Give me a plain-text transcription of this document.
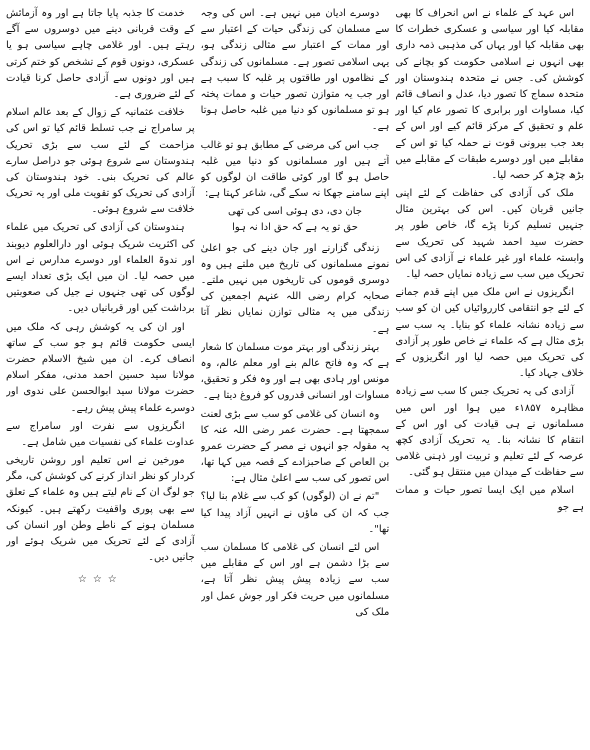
اس عہد کے علماء نے اس انحراف کا بھی مقابلہ کیا اور سیاسی و عسکری خطرات کا بھی مقابلہ کیا اور یہاں کی مذہبی ذمہ داری بھی انہوں نے اسلامی حکومت کو بچانے کی کوشش کی۔ جس نے متحدہ ہندوستان اور متحدہ سماج کا تصور دیا، عدل و انصاف قائم کیا، مساوات اور برابری کا تصور عام کیا اور علم و تحقیق کے مرکز قائم کیے اور اس کے بعد جب بیرونی قوت نے حملہ کیا تو اس کے مقابلے میں اور دوسرے طبقات کے مقابلے میں بڑھ چڑھ کر حصہ لیا۔

ملک کی آزادی کی حفاظت کے لئے اپنی جانیں قربان کیں۔ اس کی بہترین مثال جنہیں تسلیم کرنا پڑے گا، خاص طور پر حضرت سید احمد شہید کی تحریک سے وابستہ علماء اور غیر علماء نے آزادی کی اس تحریک میں سب سے زیادہ نمایاں حصہ لیا۔

انگریزوں نے اس ملک میں اپنے قدم جمانے کے لئے جو انتقامی کارروائیاں کیں ان کو سب سے زیادہ نشانہ علماء کو بنایا۔ یہ سب سے بڑی مثال ہے کہ علماء نے خاص طور پر آزادی کی تحریک میں حصہ لیا اور انگریزوں کے خلاف جہاد کیا۔

آزادی کی یہ تحریک جس کا سب سے زیادہ مظاہرہ ۱۸۵۷ء میں ہوا اور اس میں مسلمانوں نے ہی قیادت کی اور اس کے انتقام کا نشانہ بنا۔ یہ تحریک آزادی کچھ عرصہ کے لئے تعلیم و تربیت اور ذہنی غلامی سے حفاظت کے میدان میں منتقل ہو گئی۔

اسلام میں ایک ایسا تصور حیات و ممات ہے جو

دوسرے ادیان میں نہیں ہے۔ اس کی وجہ سے مسلمان کی زندگی حیات کے اعتبار سے اور ممات کے اعتبار سے مثالی زندگی ہو، یہی اسلامی تصور ہے۔ مسلمانوں کی زندگی کے نظاموں اور طاقتوں پر غلبہ کا سبب ہے اور جب یہ متوازن تصور حیات و ممات پختہ ہو تو مسلمانوں کو دنیا میں غلبہ حاصل ہوتا ہے۔

جب اس کی مرضی کے مطابق ہو تو غالب آتے ہیں اور مسلمانوں کو دنیا میں غلبہ حاصل ہو گا اور کوئی طاقت ان لوگوں کو اپنے سامنے جھکا نہ سکے گی، شاعر کہتا ہے:

جان دی، دی ہوئی اسی کی تھی
حق تو یہ ہے کہ حق ادا نہ ہوا

زندگی گزارنے اور جان دینے کی جو اعلیٰ نمونے مسلمانوں کی تاریخ میں ملتے ہیں وہ دوسری قوموں کی تاریخوں میں نہیں ملتے۔ صحابہ کرام رضی اللہ عنہم اجمعین کی زندگی میں یہ مثالی توازن نمایاں نظر آتا ہے۔

بہتر زندگی اور بہتر موت مسلمان کا شعار ہے کہ وہ فاتح عالم بنے اور معلم عالم، وہ مونس اور ہادی بھی ہے اور وہ فکر و تحقیق، مساوات اور انسانی قدروں کو فروغ دیتا ہے۔

وہ انسان کی غلامی کو سب سے بڑی لعنت سمجھتا ہے۔ حضرت عمر رضی اللہ عنہ کا یہ مقولہ جو انہوں نے مصر کے حضرت عمرو بن العاص کے صاحبزادے کے قصہ میں کہا تھا، اس تصور کی سب سے اعلیٰ مثال ہے:

"تم نے ان (لوگوں) کو کب سے غلام بنا لیا؟ جب کہ ان کی ماؤں نے انہیں آزاد پیدا کیا تھا"۔

اس لئے انسان کی غلامی کا مسلمان سب سے بڑا دشمن ہے اور اس کے مقابلے میں سب سے زیادہ پیش پیش نظر آتا ہے، مسلمانوں میں حریت فکر اور جوش عمل اور ملک کی

خدمت کا جذبہ پایا جاتا ہے اور وہ آزمائش کے وقت قربانی دینے میں دوسروں سے آگے رہتے ہیں۔ اور غلامی چاہے سیاسی ہو یا عسکری، دونوں قوم کے تشخص کو ختم کرتی ہیں اور دونوں سے آزادی حاصل کرنا قیادت کے لئے ضروری ہے۔

خلافت عثمانیہ کے زوال کے بعد عالم اسلام پر سامراج نے جب تسلط قائم کیا تو اس کی مزاحمت کے لئے سب سے بڑی تحریک ہندوستان سے شروع ہوئی جو دراصل سارے عالم کی تحریک بنی۔ خود ہندوستان کی آزادی کی تحریک کو تقویت ملی اور یہ تحریک خلافت سے شروع ہوئی۔

ہندوستان کی آزادی کی تحریک میں علماء کی اکثریت شریک ہوئی اور دارالعلوم دیوبند اور ندوۃ العلماء اور دوسرے مدارس نے اس میں حصہ لیا۔ ان میں ایک بڑی تعداد ایسے لوگوں کی تھی جنہوں نے جیل کی صعوبتیں برداشت کیں اور قربانیاں دیں۔

اور ان کی یہ کوشش رہی کہ ملک میں ایسی حکومت قائم ہو جو سب کے ساتھ انصاف کرے۔ ان میں شیخ الاسلام حضرت مولانا سید حسین احمد مدنی، مفکر اسلام حضرت مولانا سید ابوالحسن علی ندوی اور دوسرے علماء پیش پیش رہے۔

انگریزوں سے نفرت اور سامراج سے عداوت علماء کی نفسیات میں شامل ہے۔

مورخین نے اس تعلیم اور روشن تاریخی کردار کو نظر انداز کرنے کی کوشش کی، مگر جو لوگ ان کے نام لیتے ہیں وہ علماء کے تعلق سے بھی پوری واقفیت رکھتے ہیں۔ کیونکہ مسلمان ہونے کے ناطے وطن اور انسان کی آزادی کے لئے تحریک میں شریک ہوئے اور جانیں دیں۔

☆☆☆
